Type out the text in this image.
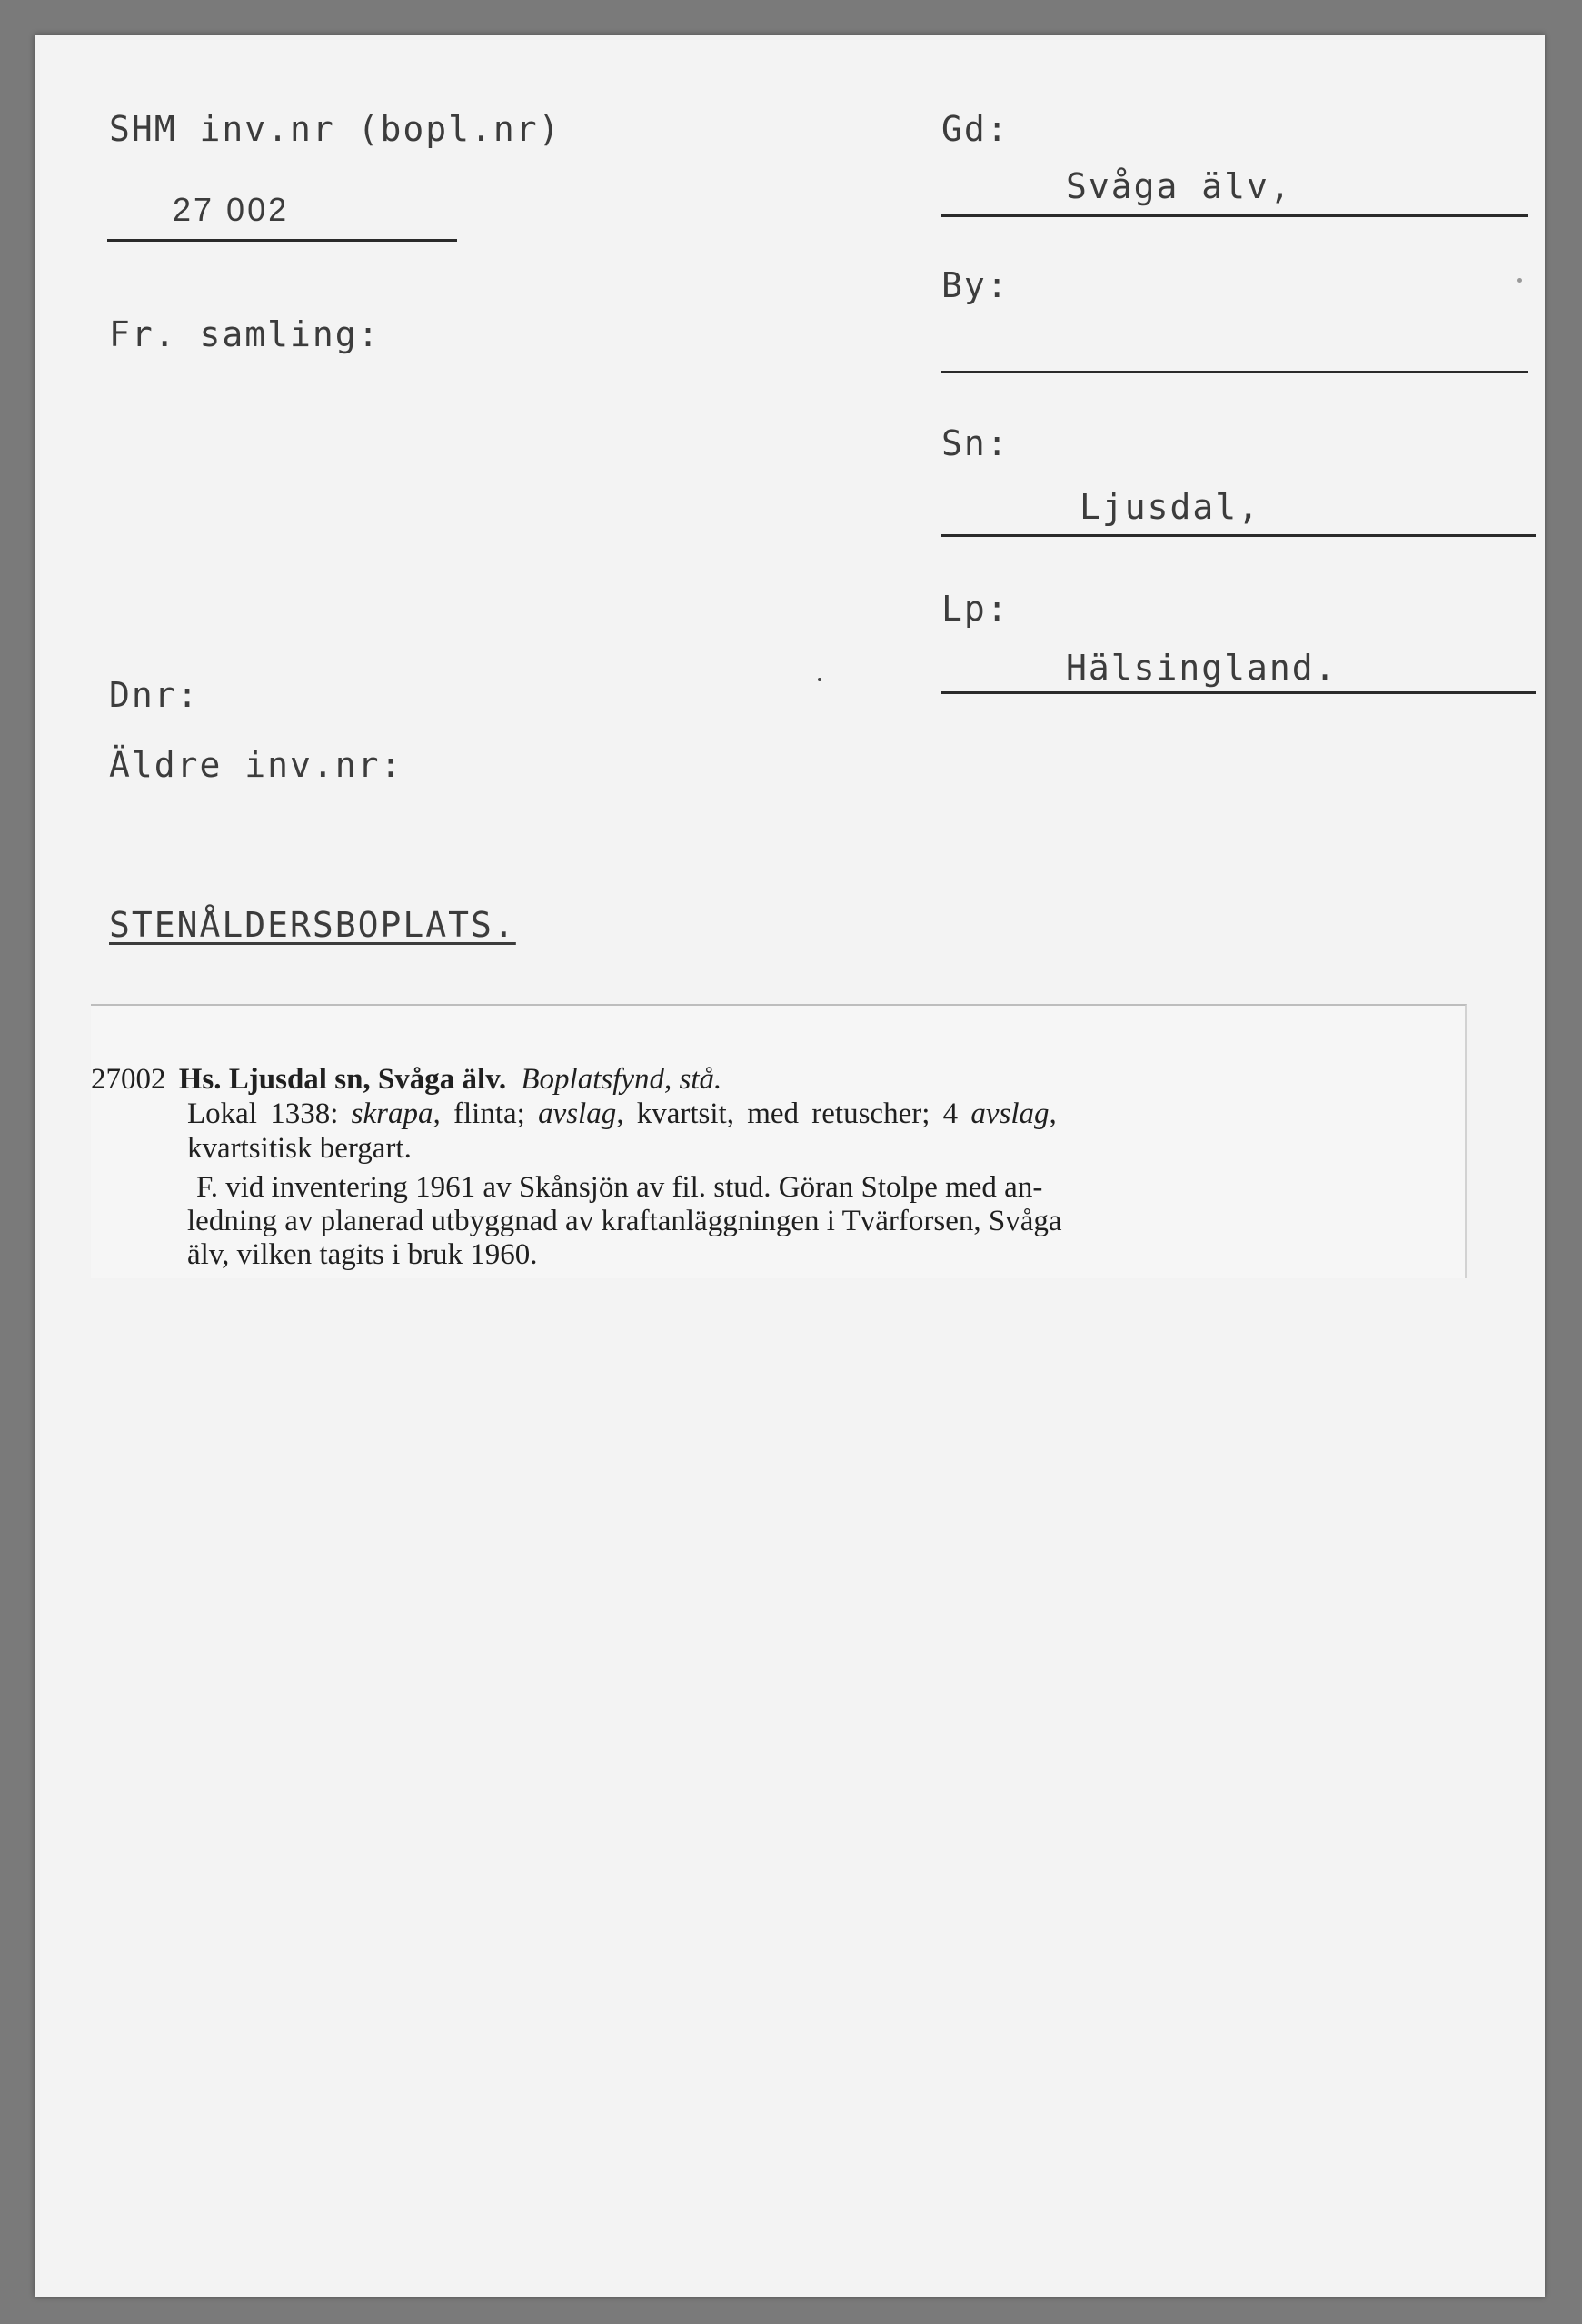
SHM inv.nr (bopl.nr)
27 002
Fr. samling:
Dnr:
Äldre inv.nr:
Gd:
Svåga älv,
By:
Sn:
Ljusdal,
Lp:
Hälsingland.
STENÅLDERSBOPLATS.
27002 Hs. Ljusdal sn, Svåga älv. Boplatsfynd, stå.
Lokal 1338: skrapa, flinta; avslag, kvartsit, med retuscher; 4 avslag,
kvartsitisk bergart.
F. vid inventering 1961 av Skånsjön av fil. stud. Göran Stolpe med an-
ledning av planerad utbyggnad av kraftanläggningen i Tvärforsen, Svåga
älv, vilken tagits i bruk 1960.
